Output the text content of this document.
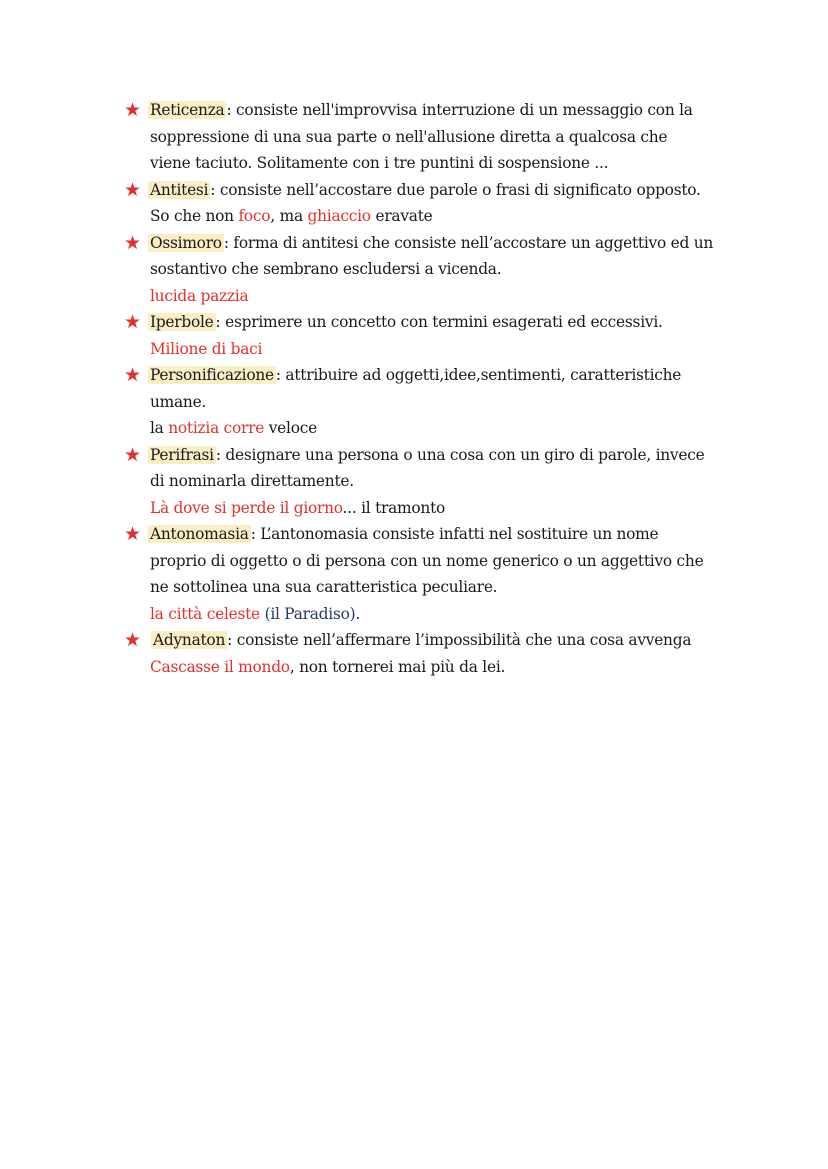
★ Reticenza : consiste nell'improvvisa interruzione di un messaggio con la
soppressione di una sua parte o nell'allusione diretta a qualcosa che
viene taciuto. Solitamente con i tre puntini di sospensione ...
★ Antitesi : consiste nell’accostare due parole o frasi di significato opposto.
So che non foco, ma ghiaccio eravate
★ Ossimoro : forma di antitesi che consiste nell’accostare un aggettivo ed un
sostantivo che sembrano escludersi a vicenda.
lucida pazzia
★ Iperbole : esprimere un concetto con termini esagerati ed eccessivi.
Milione di baci
★ Personificazione : attribuire ad oggetti,idee,sentimenti, caratteristiche
umane.
la notizia corre veloce
★ Perifrasi : designare una persona o una cosa con un giro di parole, invece
di nominarla direttamente.
Là dove si perde il giorno... il tramonto
★ Antonomasia : L’antonomasia consiste infatti nel sostituire un nome
proprio di oggetto o di persona con un nome generico o un aggettivo che
ne sottolinea una sua caratteristica peculiare.
la città celeste (il Paradiso).
★ Adynaton : consiste nell’affermare l’impossibilità che una cosa avvenga
Cascasse il mondo, non tornerei mai più da lei.
